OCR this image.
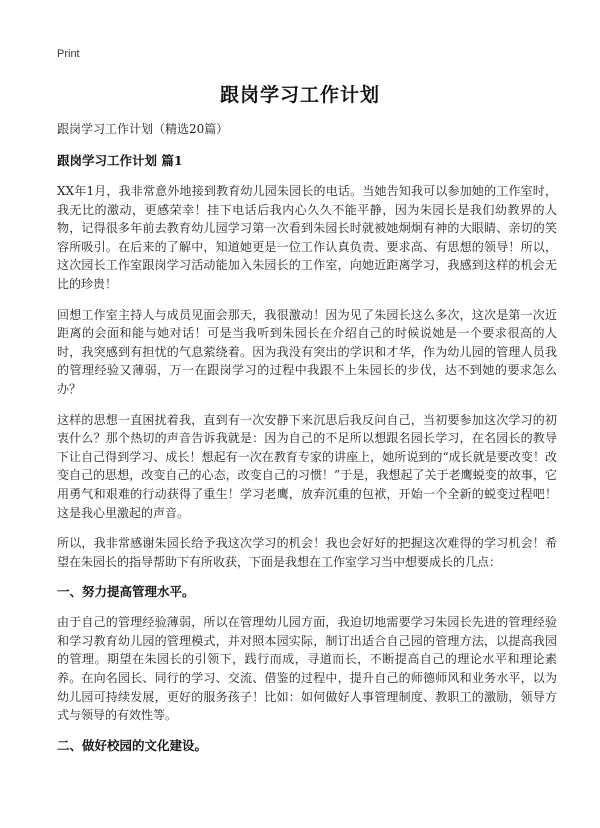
Print
跟岗学习工作计划

跟岗学习工作计划（精选20篇）

跟岗学习工作计划 篇1

XX年1月，我非常意外地接到教育幼儿园朱园长的电话。当她告知我可以参加她的工作室时，我无比的激动，更感荣幸！挂下电话后我内心久久不能平静，因为朱园长是我们幼教界的人物，记得很多年前去教育幼儿园学习第一次看到朱园长时就被她炯炯有神的大眼睛、亲切的笑容所吸引。在后来的了解中，知道她更是一位工作认真负责、要求高、有思想的领导！所以，这次园长工作室跟岗学习活动能加入朱园长的工作室，向她近距离学习，我感到这样的机会无比的珍贵！

回想工作室主持人与成员见面会那天，我很激动！因为见了朱园长这么多次，这次是第一次近距离的会面和能与她对话！可是当我听到朱园长在介绍自己的时候说她是一个要求很高的人时，我突感到有担忧的气息萦绕着。因为我没有突出的学识和才华，作为幼儿园的管理人员我的管理经验又薄弱，万一在跟岗学习的过程中我跟不上朱园长的步伐，达不到她的要求怎么办？

这样的思想一直困扰着我，直到有一次安静下来沉思后我反问自己，当初要参加这次学习的初衷什么？那个热切的声音告诉我就是：因为自己的不足所以想跟名园长学习，在名园长的教导下让自己得到学习、成长！想起有一次在教育专家的讲座上，她所说到的“成长就是要改变！改变自己的思想，改变自己的心态，改变自己的习惯！”于是，我想起了关于老鹰蜕变的故事，它用勇气和艰难的行动获得了重生！学习老鹰，放弃沉重的包袱，开始一个全新的蜕变过程吧！这是我心里激起的声音。

所以，我非常感谢朱园长给予我这次学习的机会！我也会好好的把握这次难得的学习机会！希望在朱园长的指导帮助下有所收获，下面是我想在工作室学习当中想要成长的几点：

一、努力提高管理水平。

由于自己的管理经验薄弱，所以在管理幼儿园方面，我迫切地需要学习朱园长先进的管理经验和学习教育幼儿园的管理模式，并对照本园实际，制订出适合自己园的管理方法，以提高我园的管理。期望在朱园长的引领下，践行而成，寻道而长，不断提高自己的理论水平和理论素养。在向名园长、同行的学习、交流、借鉴的过程中，提升自己的师德师风和业务水平，以为幼儿园可持续发展，更好的服务孩子！比如：如何做好人事管理制度、教职工的激励，领导方式与领导的有效性等。

二、做好校园的文化建设。
